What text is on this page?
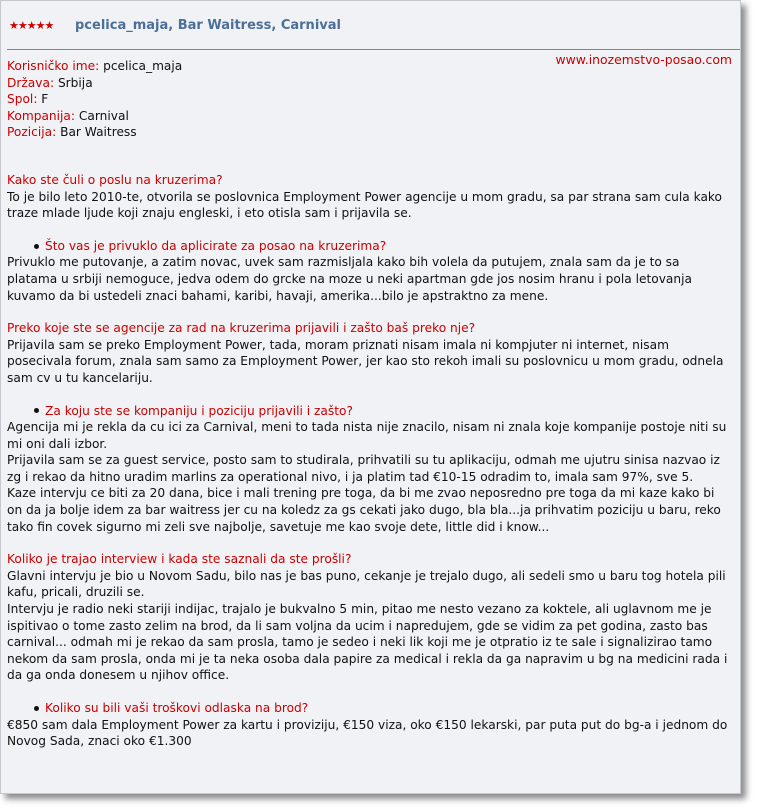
★★★★★	pcelica_maja, Bar Waitress, Carnival
www.inozemstvo-posao.com
Korisničko ime: pcelica_maja
Država: Srbija
Spol: F
Kompanija: Carnival
Pozicija: Bar Waitress
Kako ste čuli o poslu na kruzerima?
To je bilo leto 2010-te, otvorila se poslovnica Employment Power agencije u mom gradu, sa par strana sam cula kako traze mlade ljude koji znaju engleski, i eto otisla sam i prijavila se.
Što vas je privuklo da aplicirate za posao na kruzerima?
Privuklo me putovanje, a zatim novac, uvek sam razmisljala kako bih volela da putujem, znala sam da je to sa platama u srbiji nemoguce, jedva odem do grcke na moze u neki apartman gde jos nosim hranu i pola letovanja kuvamo da bi ustedeli znaci bahami, karibi, havaji, amerika...bilo je apstraktno za mene.
Preko koje ste se agencije za rad na kruzerima prijavili i zašto baš preko nje?
Prijavila sam se preko Employment Power, tada, moram priznati nisam imala ni kompjuter ni internet, nisam posecivala forum, znala sam samo za Employment Power, jer kao sto rekoh imali su poslovnicu u mom gradu, odnela sam cv u tu kancelariju.
Za koju ste se kompaniju i poziciju prijavili i zašto?
Agencija mi je rekla da cu ici za Carnival, meni to tada nista nije znacilo, nisam ni znala koje kompanije postoje niti su mi oni dali izbor.
Prijavila sam se za guest service, posto sam to studirala, prihvatili su tu aplikaciju, odmah me ujutru sinisa nazvao iz zg i rekao da hitno uradim marlins za operational nivo, i ja platim tad €10-15 odradim to, imala sam 97%, sve 5.
Kaze intervju ce biti za 20 dana, bice i mali trening pre toga, da bi me zvao neposredno pre toga da mi kaze kako bi on da ja bolje idem za bar waitress jer cu na koledz za gs cekati jako dugo, bla bla...ja prihvatim poziciju u baru, reko tako fin covek sigurno mi zeli sve najbolje, savetuje me kao svoje dete, little did i know...
Koliko je trajao interview i kada ste saznali da ste prošli?
Glavni intervju je bio u Novom Sadu, bilo nas je bas puno, cekanje je trejalo dugo, ali sedeli smo u baru tog hotela pili kafu, pricali, druzili se.
Intervju je radio neki stariji indijac, trajalo je bukvalno 5 min, pitao me nesto vezano za koktele, ali uglavnom me je ispitivao o tome zasto zelim na brod, da li sam voljna da ucim i napredujem, gde se vidim za pet godina, zasto bas carnival... odmah mi je rekao da sam prosla, tamo je sedeo i neki lik koji me je otpratio iz te sale i signalizirao tamo nekom da sam prosla, onda mi je ta neka osoba dala papire za medical i rekla da ga napravim u bg na medicini rada i da ga onda donesem u njihov office.
Koliko su bili vaši troškovi odlaska na brod?
€850 sam dala Employment Power za kartu i proviziju, €150 viza, oko €150 lekarski, par puta put do bg-a i jednom do Novog Sada, znaci oko €1.300
